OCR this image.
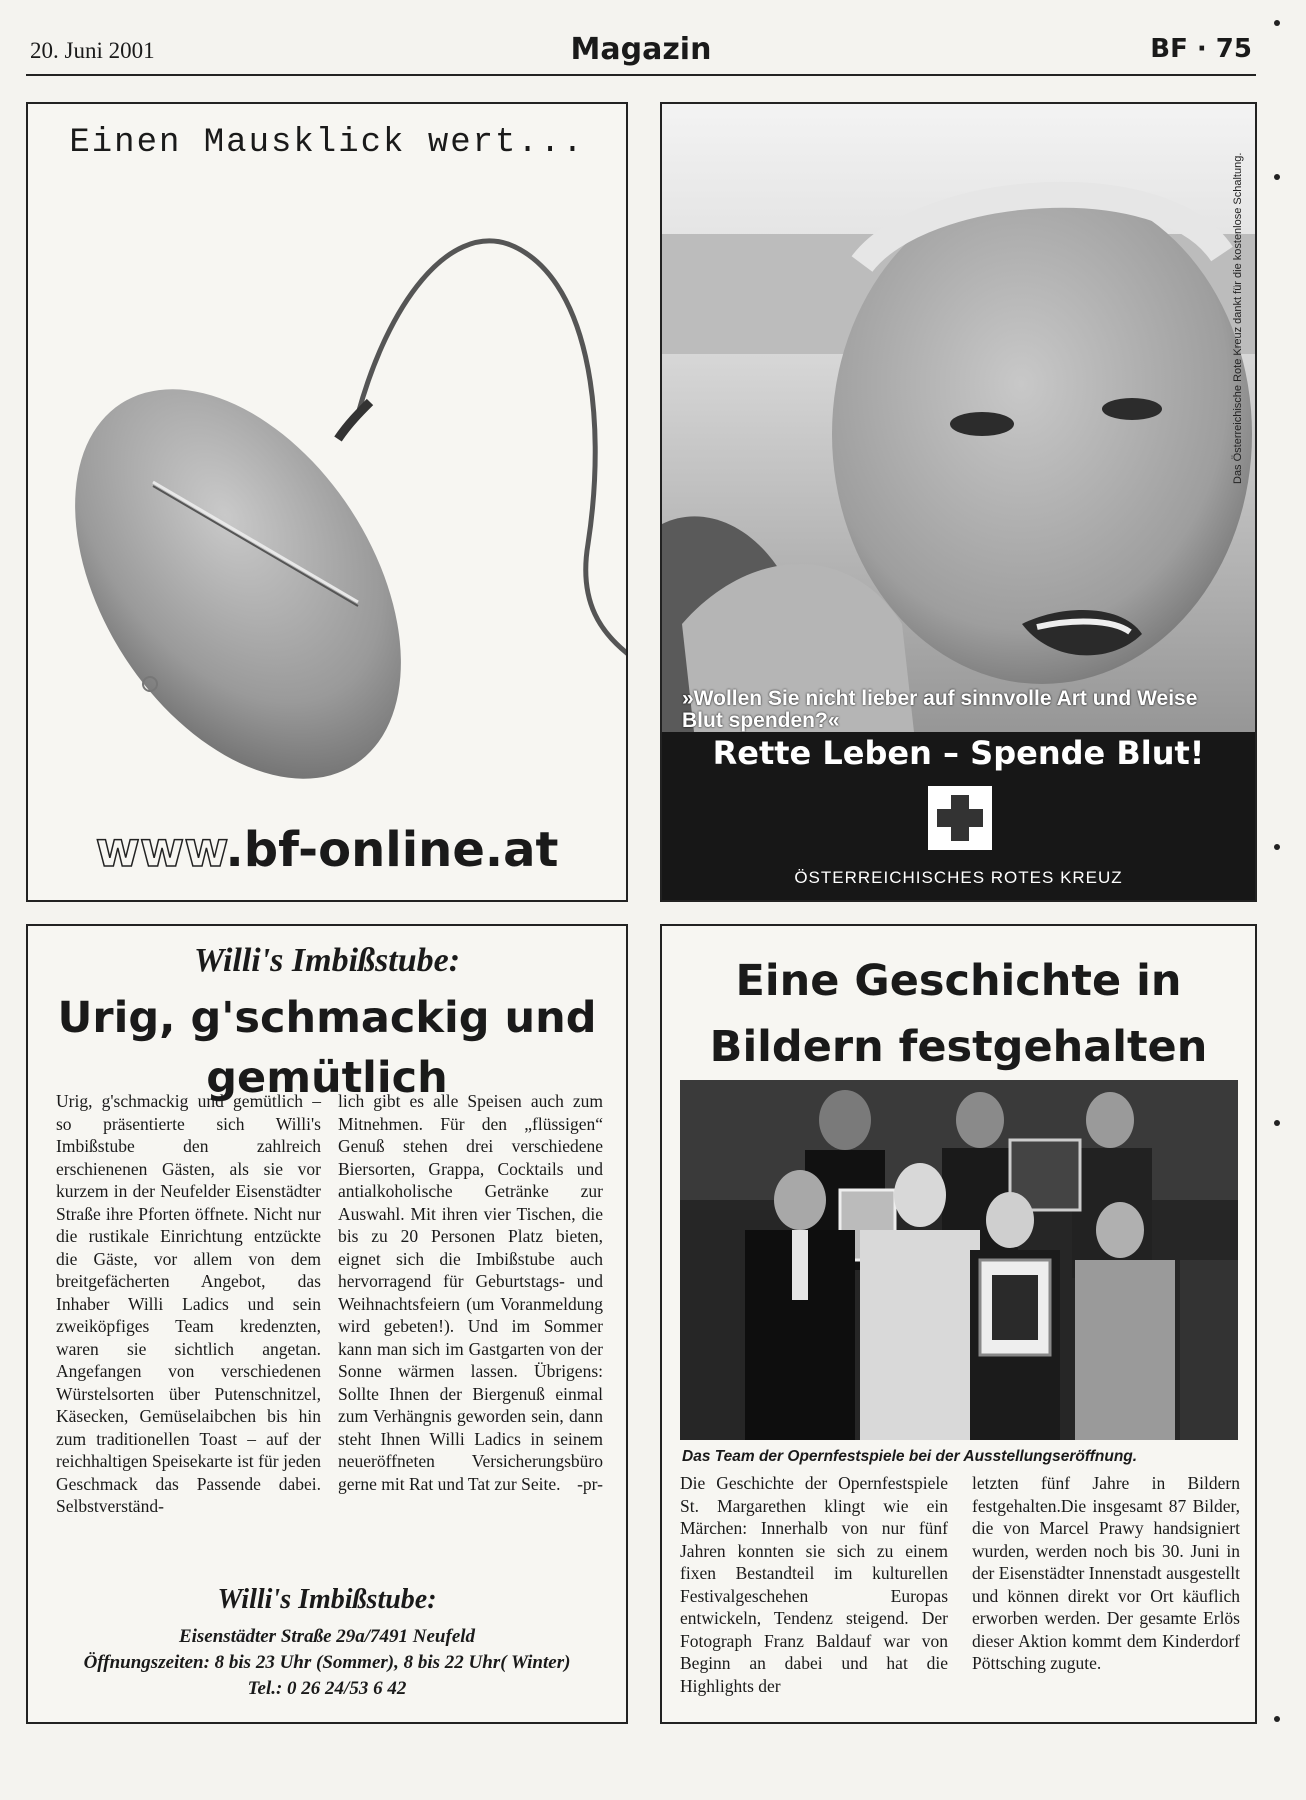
20. Juni 2001	Magazin	BF · 75
Einen Mausklick wert...
www.bf-online.at
Das Österreichische Rote Kreuz dankt für die kostenlose Schaltung.
»Wollen Sie nicht lieber auf sinnvolle Art und Weise Blut spenden?«
Rette Leben – Spende Blut!
ÖSTERREICHISCHES ROTES KREUZ
Willi's Imbißstube:
Urig, g'schmackig und gemütlich
Urig, g'schmackig und gemütlich – so präsentierte sich Willi's Imbißstube den zahlreich erschienenen Gästen, als sie vor kurzem in der Neufelder Eisenstädter Straße ihre Pforten öffnete. Nicht nur die rustikale Einrichtung entzückte die Gäste, vor allem von dem breitgefächerten Angebot, das Inhaber Willi Ladics und sein zweiköpfiges Team kredenzten, waren sie sichtlich angetan. Angefangen von verschiedenen Würstelsorten über Putenschnitzel, Käsecken, Gemüselaibchen bis hin zum traditionellen Toast – auf der reichhaltigen Speisekarte ist für jeden Geschmack das Passende dabei. Selbstverständ-
lich gibt es alle Speisen auch zum Mitnehmen. Für den „flüssigen“ Genuß stehen drei verschiedene Biersorten, Grappa, Cocktails und antialkoholische Getränke zur Auswahl. Mit ihren vier Tischen, die bis zu 20 Personen Platz bieten, eignet sich die Imbißstube auch hervorragend für Geburtstags- und Weihnachtsfeiern (um Voranmeldung wird gebeten!). Und im Sommer kann man sich im Gastgarten von der Sonne wärmen lassen. Übrigens: Sollte Ihnen der Biergenuß einmal zum Verhängnis geworden sein, dann steht Ihnen Willi Ladics in seinem neueröffneten Versicherungsbüro gerne mit Rat und Tat zur Seite. -pr-
Willi's Imbißstube:
Eisenstädter Straße 29a/7491 Neufeld
Öffnungszeiten: 8 bis 23 Uhr (Sommer), 8 bis 22 Uhr( Winter)
Tel.: 0 26 24/53 6 42
Eine Geschichte in Bildern festgehalten
Das Team der Opernfestspiele bei der Ausstellungseröffnung.
Die Geschichte der Opernfestspiele St. Margarethen klingt wie ein Märchen: Innerhalb von nur fünf Jahren konnten sie sich zu einem fixen Bestandteil im kulturellen Festivalgeschehen Europas entwickeln, Tendenz steigend. Der Fotograph Franz Baldauf war von Beginn an dabei und hat die Highlights der
letzten fünf Jahre in Bildern festgehalten.Die insgesamt 87 Bilder, die von Marcel Prawy handsigniert wurden, werden noch bis 30. Juni in der Eisenstädter Innenstadt ausgestellt und können direkt vor Ort käuflich erworben werden. Der gesamte Erlös dieser Aktion kommt dem Kinderdorf Pöttsching zugute.
